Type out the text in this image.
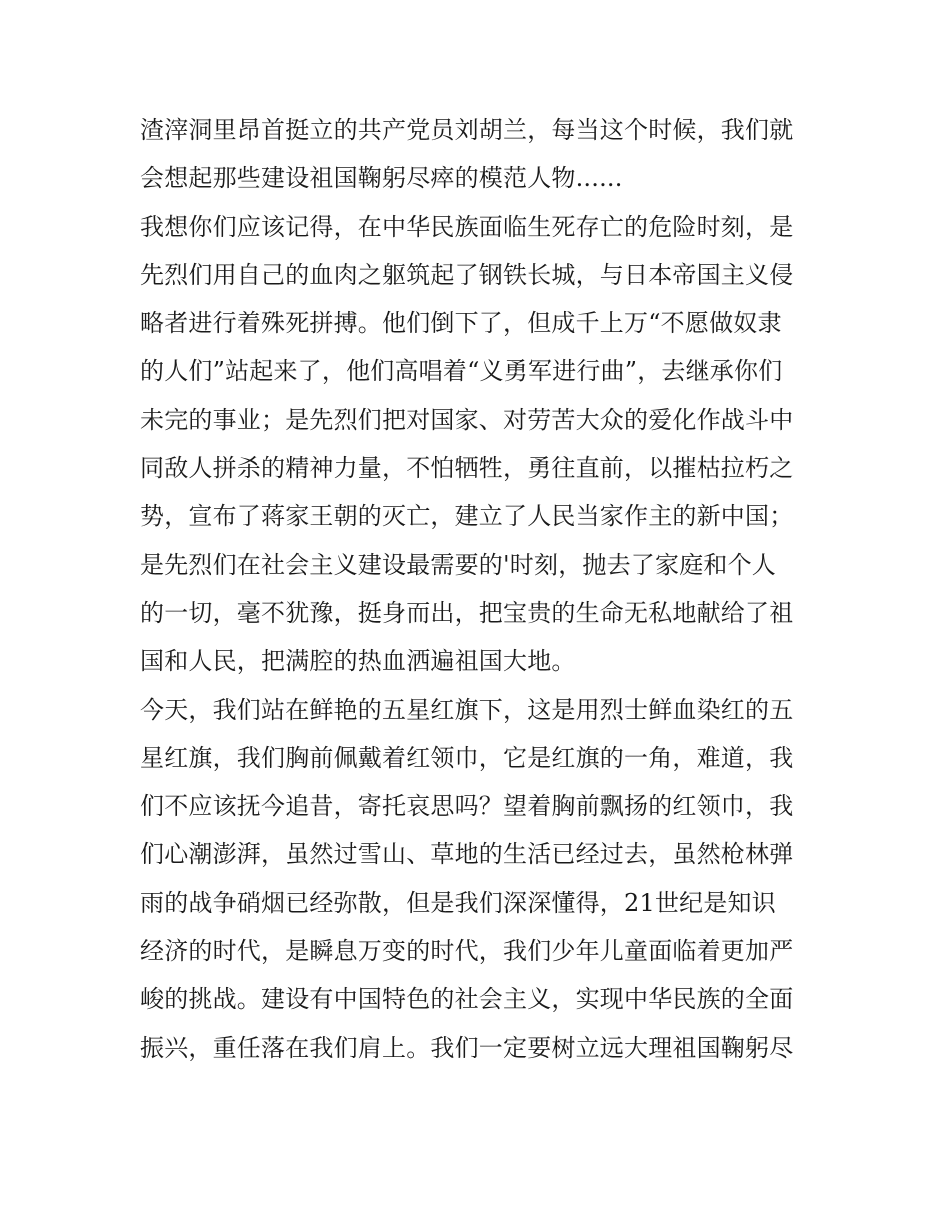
渣滓洞里昂首挺立的共产党员刘胡兰，每当这个时候，我们就
会想起那些建设祖国鞠躬尽瘁的模范人物......
我想你们应该记得，在中华民族面临生死存亡的危险时刻，是
先烈们用自己的血肉之躯筑起了钢铁长城，与日本帝国主义侵
略者进行着殊死拼搏。他们倒下了，但成千上万“不愿做奴隶
的人们”站起来了，他们高唱着“义勇军进行曲”，去继承你们
未完的事业；是先烈们把对国家、对劳苦大众的爱化作战斗中
同敌人拼杀的精神力量，不怕牺牲，勇往直前，以摧枯拉朽之
势，宣布了蒋家王朝的灭亡，建立了人民当家作主的新中国；
是先烈们在社会主义建设最需要的'时刻，抛去了家庭和个人
的一切，毫不犹豫，挺身而出，把宝贵的生命无私地献给了祖
国和人民，把满腔的热血洒遍祖国大地。
今天，我们站在鲜艳的五星红旗下，这是用烈士鲜血染红的五
星红旗，我们胸前佩戴着红领巾，它是红旗的一角，难道，我
们不应该抚今追昔，寄托哀思吗？望着胸前飘扬的红领巾，我
们心潮澎湃，虽然过雪山、草地的生活已经过去，虽然枪林弹
雨的战争硝烟已经弥散，但是我们深深懂得，21世纪是知识
经济的时代，是瞬息万变的时代，我们少年儿童面临着更加严
峻的挑战。建设有中国特色的社会主义，实现中华民族的全面
振兴，重任落在我们肩上。我们一定要树立远大理祖国鞠躬尽
